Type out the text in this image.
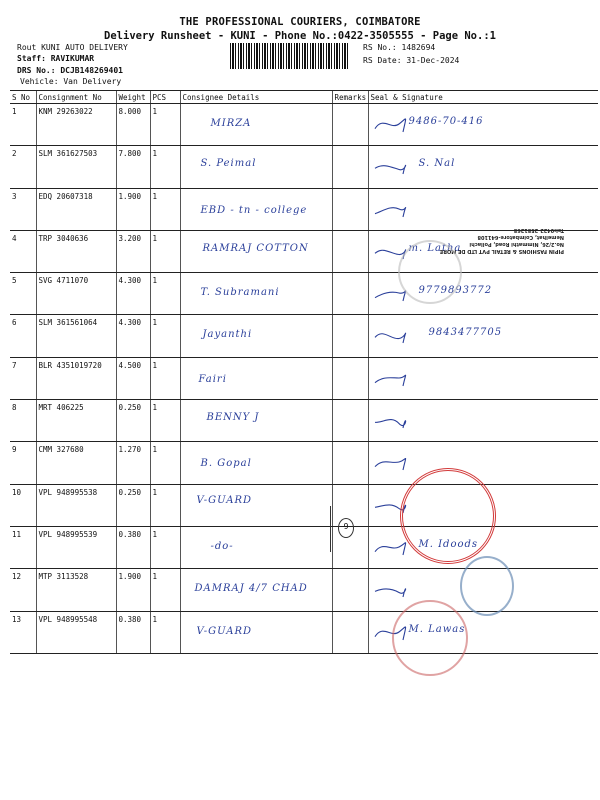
THE PROFESSIONAL COURIERS, COIMBATORE
Delivery Runsheet - KUNI - Phone No.:0422-3505555 - Page No.:1
Rout KUNI AUTO DELIVERY
Staff: RAVIKUMAR
DRS No.: DCJB148269401
Vehicle: Van Delivery
RS No.: 1482694
RS Date: 31-Dec-2024
S No	Consignment No	Weight	PCS	Consignee Details	Remarks	Seal & Signature
1	KNM 29263022	8.000	1	MIRZA		9486-70-416

2	SLM 361627503	7.800	1	S. Peimal		S. Nal

3	EDQ 20607318	1.900	1	EBD - tn - college

4	TRP 3040636	3.200	1	RAMRAJ COTTON		m. Latha

5	SVG 4711070	4.300	1	T. Subramani		9779893772

6	SLM 361561064	4.300	1	Jayanthi		9843477705

7	BLR 4351019720	4.500	1	Fairi

8	MRT 406225	0.250	1	BENNY J

9	CMM 327680	1.270	1	B. Gopal

10	VPL 948995538	0.250	1	V-GUARD

11	VPL 948995539	0.380	1	-do-		M. Idoods

12	MTP 3113528	1.900	1	DAMRAJ 4/7 CHAD

13	VPL 948995548	0.380	1	V-GUARD		M. Lawas
PIPIN FASHIONS & RETAIL PVT LTD DE MORE
No.2/26, Nimmathi Road, Pollachi
Nemelhat, Coimbatore-641108
Tel:0422-2581268
9
